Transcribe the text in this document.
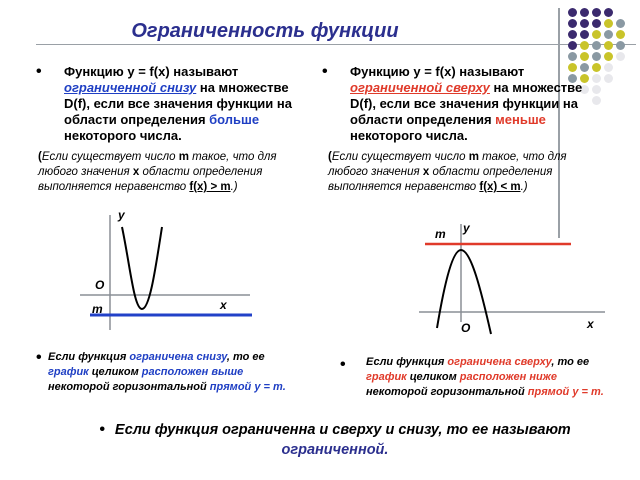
Ограниченность функции
• Функцию y = f(x) называют ограниченной снизу на множестве D(f), если все значения функции на области определения больше некоторого числа.
(Если существует число m такое, что для любого значения x области определения выполняется неравенство f(x) > m.)
• Функцию y = f(x) называют ограниченной сверху на множестве D(f), если все значения функции на области определения меньше некоторого числа.
(Если существует число m такое, что для любого значения x области определения выполняется неравенство f(x) < m.)
y
O
x
m
y
m
x
O
• Если функция ограничена снизу, то ее график целиком расположен выше некоторой горизонтальной прямой y = m.
• Если функция ограничена сверху, то ее график целиком расположен ниже некоторой горизонтальной прямой y = m.
• Если функция ограниченна и сверху и снизу, то ее называют
ограниченной.
